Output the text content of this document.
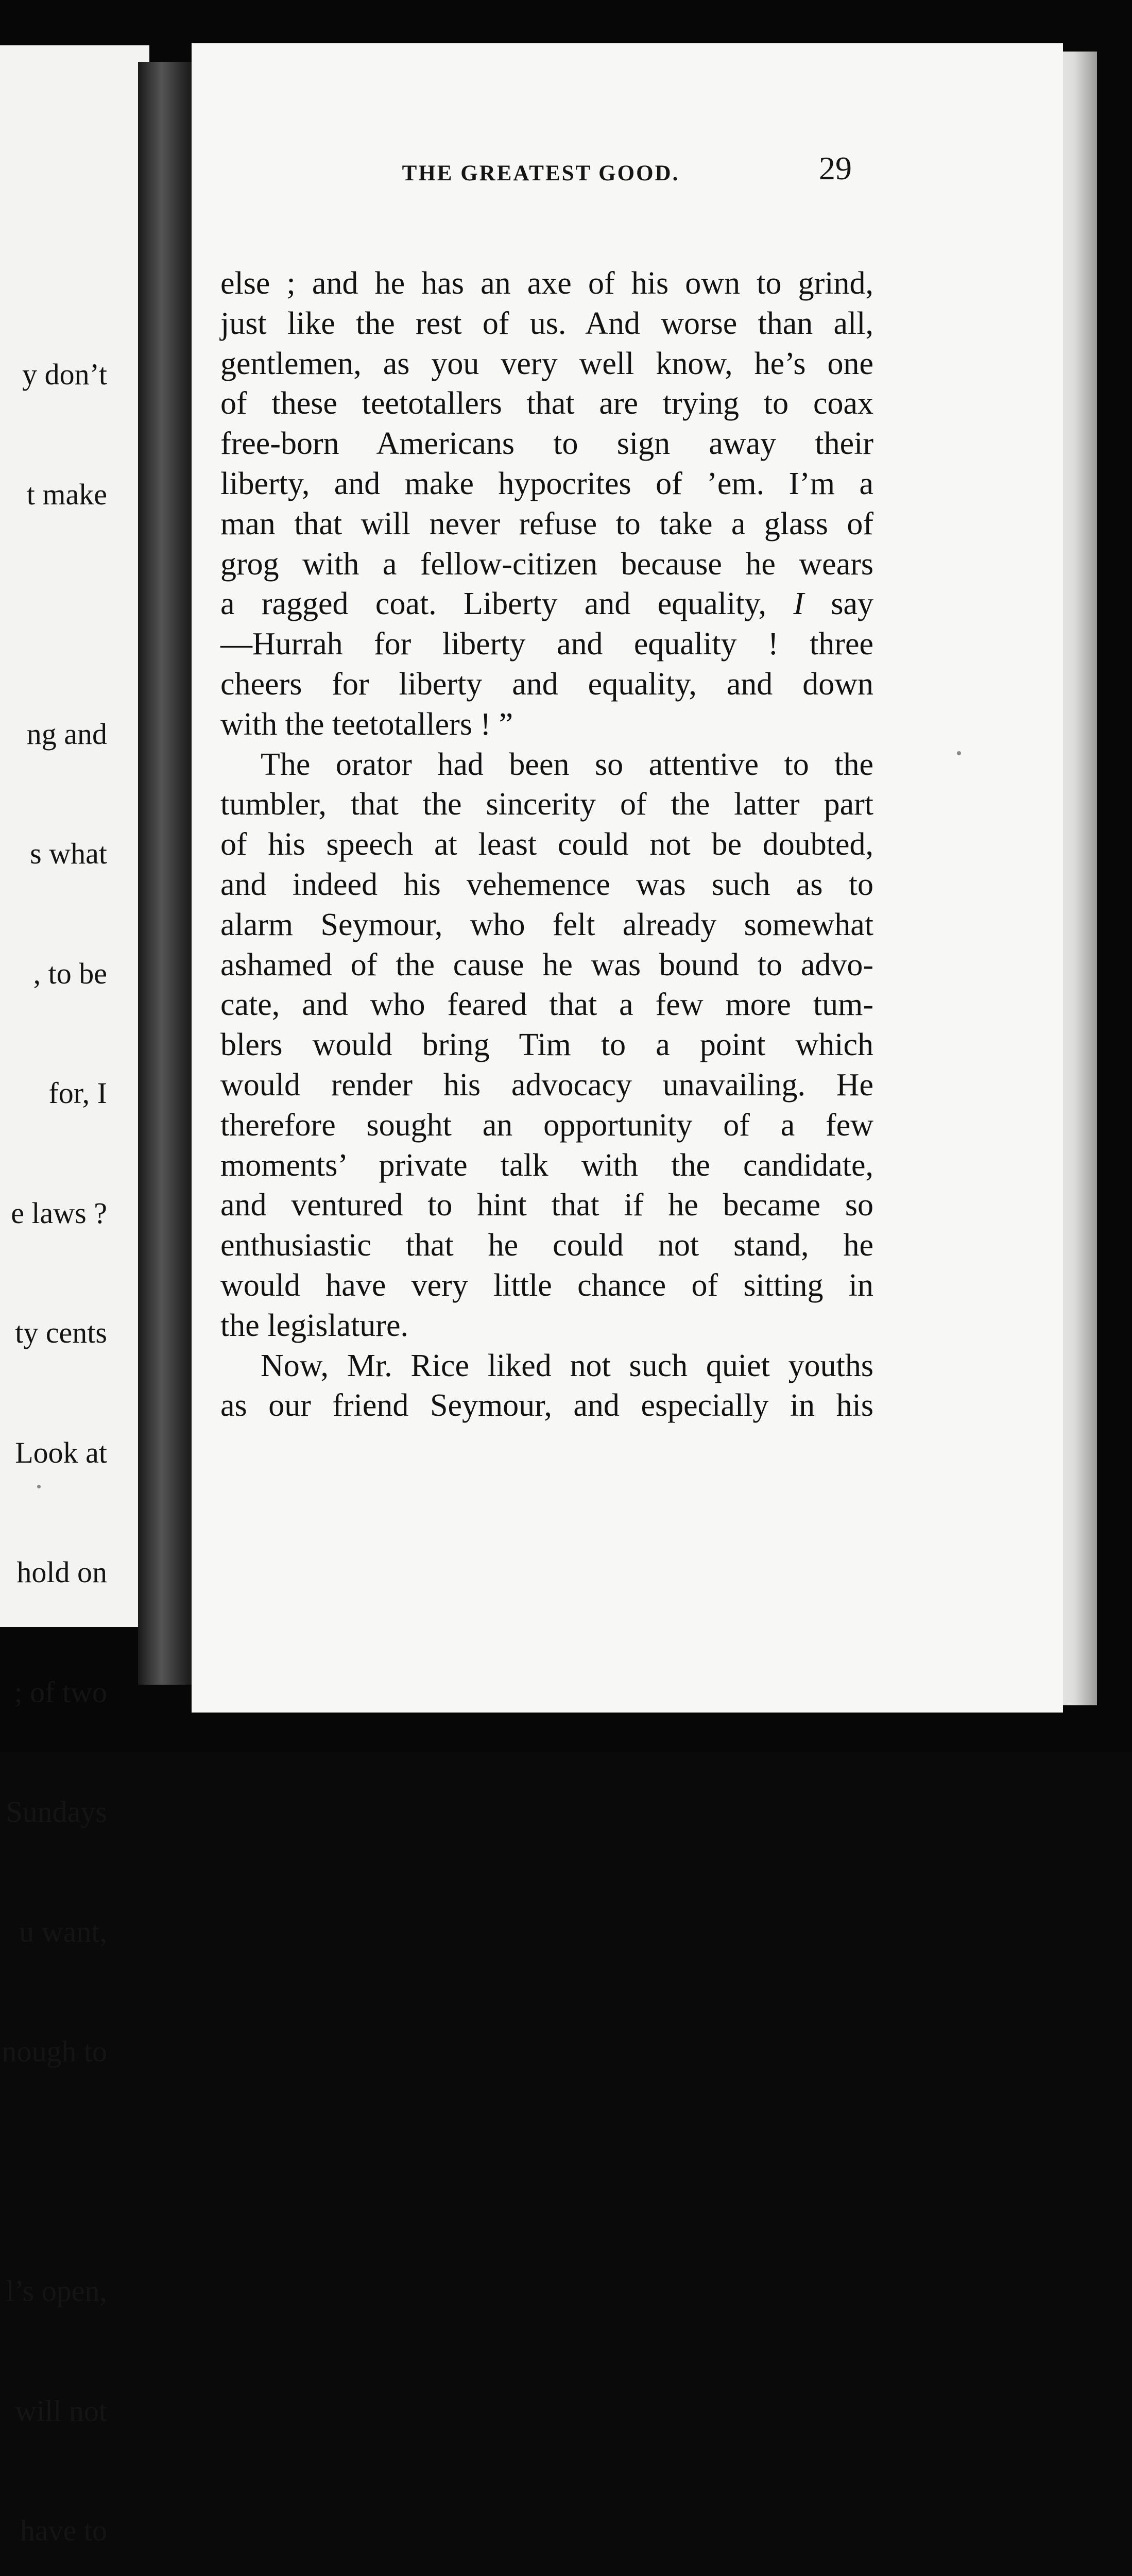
y don’t

t make

ng and

s what

, to be

for, I

e laws ?

ty cents

Look at

hold on

; of two

Sundays

u want,

nough to

l’s open,

will not

have to

THE GREATEST GOOD.	29
else ; and he has an axe of his own to grind,
just like the rest of us. And worse than all,
gentlemen, as you very well know, he’s one
of these teetotallers that are trying to coax
free-born Americans to sign away their
liberty, and make hypocrites of ’em. I’m a
man that will never refuse to take a glass of
grog with a fellow-citizen because he wears
a ragged coat. Liberty and equality, I say
—Hurrah for liberty and equality ! three
cheers for liberty and equality, and down
with the teetotallers ! ”
The orator had been so attentive to the
tumbler, that the sincerity of the latter part
of his speech at least could not be doubted,
and indeed his vehemence was such as to
alarm Seymour, who felt already somewhat
ashamed of the cause he was bound to advo-
cate, and who feared that a few more tum-
blers would bring Tim to a point which
would render his advocacy unavailing. He
therefore sought an opportunity of a few
moments’ private talk with the candidate,
and ventured to hint that if he became so
enthusiastic that he could not stand, he
would have very little chance of sitting in
the legislature.
Now, Mr. Rice liked not such quiet youths
as our friend Seymour, and especially in his
